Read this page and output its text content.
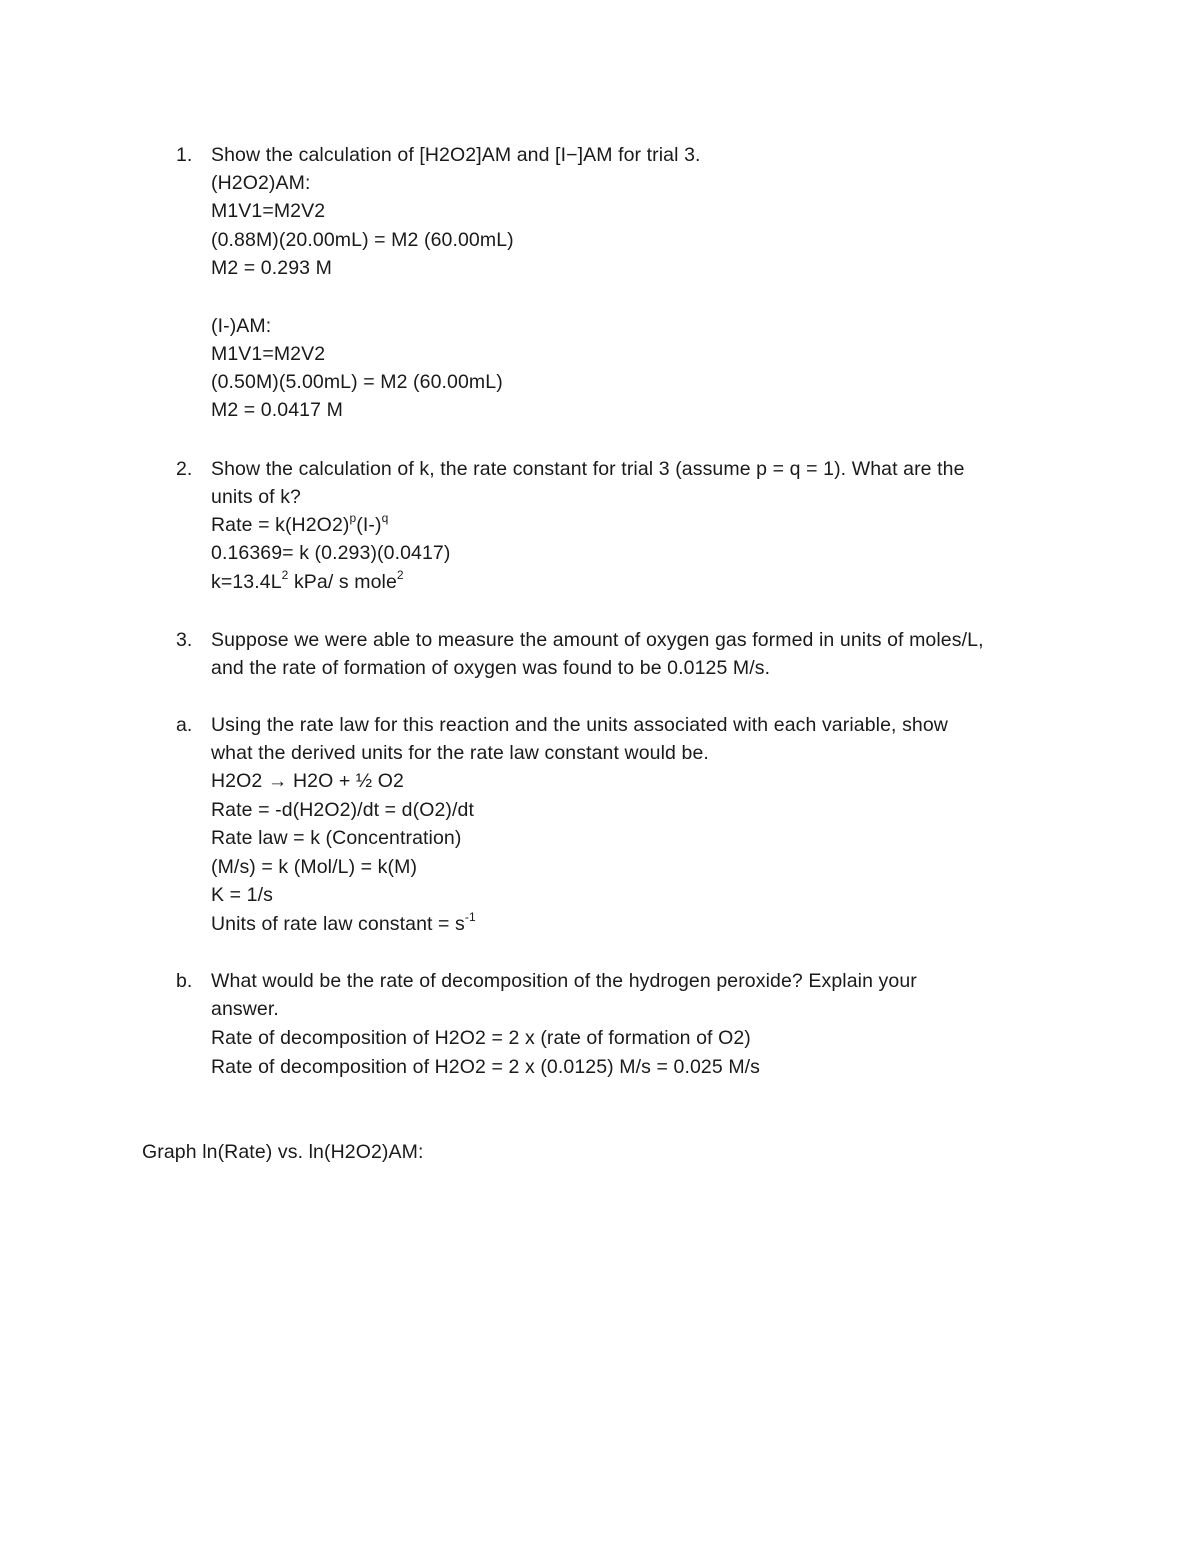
1. Show the calculation of [H2O2]AM and [I−]AM for trial 3.
(H2O2)AM:
M1V1=M2V2
(0.88M)(20.00mL) = M2 (60.00mL)
M2 = 0.293 M
(I-)AM:
M1V1=M2V2
(0.50M)(5.00mL) = M2 (60.00mL)
M2 = 0.0417 M
2. Show the calculation of k, the rate constant for trial 3 (assume p = q = 1). What are the
units of k?
Rate = $k(H2O2)^p(I-)^q$
0.16369= k (0.293)(0.0417)
$k=13.4L^2$ kPa/ s mole$^2$
3. Suppose we were able to measure the amount of oxygen gas formed in units of moles/L,
and the rate of formation of oxygen was found to be 0.0125 M/s.
a. Using the rate law for this reaction and the units associated with each variable, show
what the derived units for the rate law constant would be.
H2O2 → H2O + ½ O2
Rate = -d(H2O2)/dt = d(O2)/dt
Rate law = k (Concentration)
(M/s) = k (Mol/L) = k(M)
K = 1/s
Units of rate law constant = $s^{-1}$
b. What would be the rate of decomposition of the hydrogen peroxide? Explain your
answer.
Rate of decomposition of H2O2 = 2 x (rate of formation of O2)
Rate of decomposition of H2O2 = 2 x (0.0125) M/s = 0.025 M/s
Graph ln(Rate) vs. ln(H2O2)AM:
